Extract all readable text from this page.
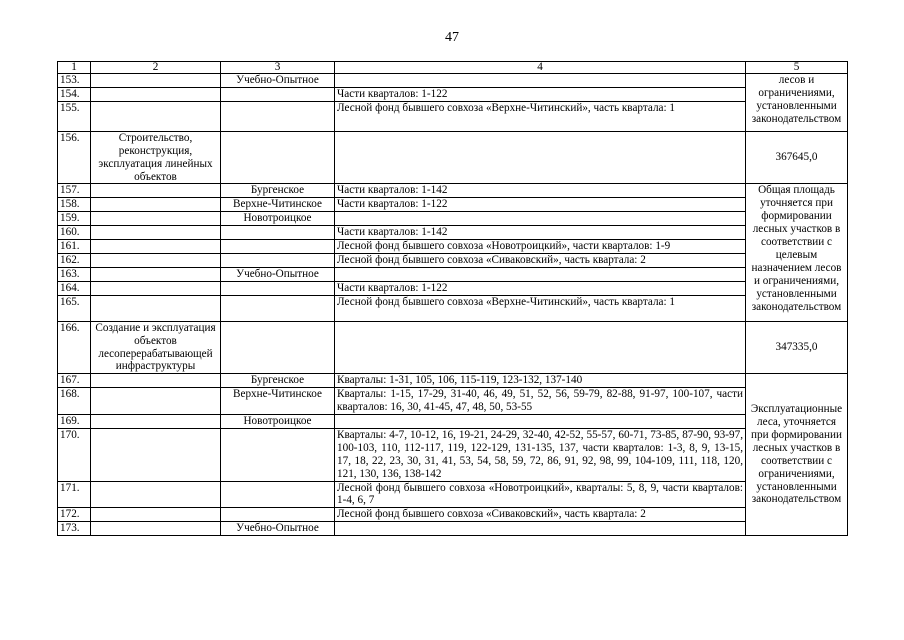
47
1	2	3	4	5
153.		Учебно-Опытное		лесов и ограничениями, установленными законодательством
154.			Части кварталов: 1-122	
155.			Лесной фонд бывшего совхоза «Верхне-Читинский», часть квартала: 1	
156.	Строительство, реконструкция, эксплуатация линейных объектов			367645,0
157.		Бургенское	Части кварталов: 1-142	Общая площадь уточняется при формировании лесных участков в соответствии с целевым назначением лесов и ограничениями, установленными законодательством
158.		Верхне-Читинское	Части кварталов: 1-122	
159.		Новотроицкое		
160.			Части кварталов: 1-142	
161.			Лесной фонд бывшего совхоза «Новотроицкий», части кварталов: 1-9	
162.			Лесной фонд бывшего совхоза «Сиваковский», часть квартала: 2	
163.		Учебно-Опытное		
164.			Части кварталов: 1-122	
165.			Лесной фонд бывшего совхоза «Верхне-Читинский», часть квартала: 1	
166.	Создание и эксплуатация объектов лесоперерабатывающей инфраструктуры			347335,0
167.		Бургенское	Кварталы: 1-31, 105, 106, 115-119, 123-132, 137-140	Эксплуатационные леса, уточняется при формировании лесных участков в соответствии с ограничениями, установленными законодательством
168.		Верхне-Читинское	Кварталы: 1-15, 17-29, 31-40, 46, 49, 51, 52, 56, 59-79, 82-88, 91-97, 100-107, части кварталов: 16, 30, 41-45, 47, 48, 50, 53-55	
169.		Новотроицкое		
170.			Кварталы: 4-7, 10-12, 16, 19-21, 24-29, 32-40, 42-52, 55-57, 60-71, 73-85, 87-90, 93-97, 100-103, 110, 112-117, 119, 122-129, 131-135, 137, части кварталов: 1-3, 8, 9, 13-15, 17, 18, 22, 23, 30, 31, 41, 53, 54, 58, 59, 72, 86, 91, 92, 98, 99, 104-109, 111, 118, 120, 121, 130, 136, 138-142	
171.			Лесной фонд бывшего совхоза «Новотроицкий», кварталы: 5, 8, 9, части кварталов: 1-4, 6, 7	
172.			Лесной фонд бывшего совхоза «Сиваковский», часть квартала: 2	
173.		Учебно-Опытное		
